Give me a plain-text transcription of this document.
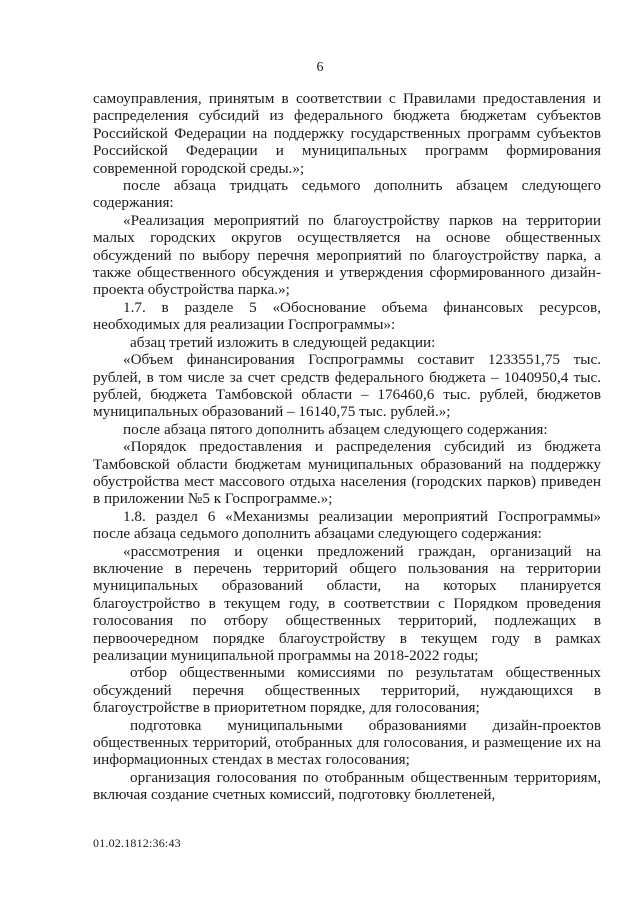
6

самоуправления, принятым в соответствии с Правилами предоставления и распределения субсидий из федерального бюджета бюджетам субъектов Российской Федерации на поддержку государственных программ субъектов Российской Федерации и муниципальных программ формирования современной городской среды.»;

после абзаца тридцать седьмого дополнить абзацем следующего содержания:

«Реализация мероприятий по благоустройству парков на территории малых городских округов осуществляется на основе общественных обсуждений по выбору перечня мероприятий по благоустройству парка, а также общественного обсуждения и утверждения сформированного дизайн-проекта обустройства парка.»;

1.7. в разделе 5 «Обоснование объема финансовых ресурсов, необходимых для реализации Госпрограммы»:

абзац третий изложить в следующей редакции:

«Объем финансирования Госпрограммы составит 1233551,75 тыс. рублей, в том числе за счет средств федерального бюджета – 1040950,4 тыс. рублей, бюджета Тамбовской области – 176460,6 тыс. рублей, бюджетов муниципальных образований – 16140,75 тыс. рублей.»;

после абзаца пятого дополнить абзацем следующего содержания:

«Порядок предоставления и распределения субсидий из бюджета Тамбовской области бюджетам муниципальных образований на поддержку обустройства мест массового отдыха населения (городских парков) приведен в приложении №5 к Госпрограмме.»;

1.8. раздел 6 «Механизмы реализации мероприятий Госпрограммы» после абзаца седьмого дополнить абзацами следующего содержания:

«рассмотрения и оценки предложений граждан, организаций на включение в перечень территорий общего пользования на территории муниципальных образований области, на которых планируется благоустройство в текущем году, в соответствии с Порядком проведения голосования по отбору общественных территорий, подлежащих в первоочередном порядке благоустройству в текущем году в рамках реализации муниципальной программы на 2018-2022 годы;

отбор общественными комиссиями по результатам общественных обсуждений перечня общественных территорий, нуждающихся в благоустройстве в приоритетном порядке, для голосования;

подготовка муниципальными образованиями дизайн-проектов общественных территорий, отобранных для голосования, и размещение их на информационных стендах в местах голосования;

организация голосования по отобранным общественным территориям, включая создание счетных комиссий, подготовку бюллетеней,

01.02.1812:36:43
